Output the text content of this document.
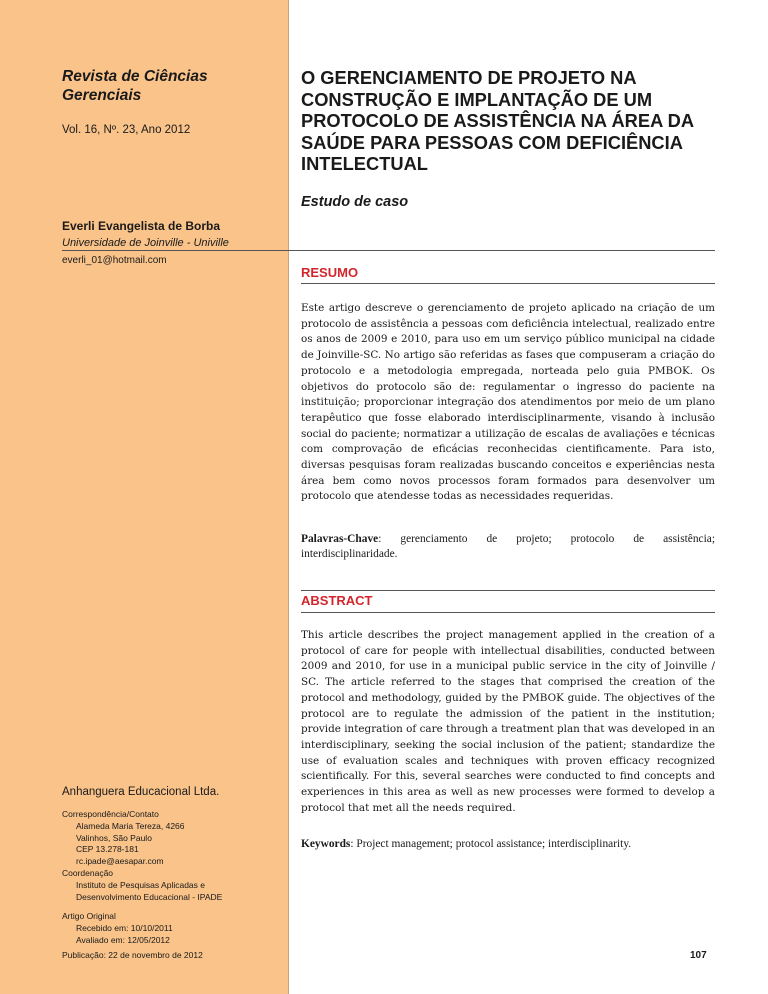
Revista de Ciências Gerenciais
Vol. 16, Nº. 23, Ano 2012
O GERENCIAMENTO DE PROJETO NA CONSTRUÇÃO E IMPLANTAÇÃO DE UM PROTOCOLO DE ASSISTÊNCIA NA ÁREA DA SAÚDE PARA PESSOAS COM DEFICIÊNCIA INTELECTUAL
Estudo de caso
Everli Evangelista de Borba
Universidade de Joinville - Univille
everli_01@hotmail.com
RESUMO
Este artigo descreve o gerenciamento de projeto aplicado na criação de um protocolo de assistência a pessoas com deficiência intelectual, realizado entre os anos de 2009 e 2010, para uso em um serviço público municipal na cidade de Joinville-SC. No artigo são referidas as fases que compuseram a criação do protocolo e a metodologia empregada, norteada pelo guia PMBOK. Os objetivos do protocolo são de: regulamentar o ingresso do paciente na instituição; proporcionar integração dos atendimentos por meio de um plano terapêutico que fosse elaborado interdisciplinarmente, visando à inclusão social do paciente; normatizar a utilização de escalas de avaliações e técnicas com comprovação de eficácias reconhecidas cientificamente. Para isto, diversas pesquisas foram realizadas buscando conceitos e experiências nesta área bem como novos processos foram formados para desenvolver um protocolo que atendesse todas as necessidades requeridas.
Palavras-Chave: gerenciamento de projeto; protocolo de assistência; interdisciplinaridade.
ABSTRACT
This article describes the project management applied in the creation of a protocol of care for people with intellectual disabilities, conducted between 2009 and 2010, for use in a municipal public service in the city of Joinville / SC. The article referred to the stages that comprised the creation of the protocol and methodology, guided by the PMBOK guide. The objectives of the protocol are to regulate the admission of the patient in the institution; provide integration of care through a treatment plan that was developed in an interdisciplinary, seeking the social inclusion of the patient; standardize the use of evaluation scales and techniques with proven efficacy recognized scientifically. For this, several searches were conducted to find concepts and experiences in this area as well as new processes were formed to develop a protocol that met all the needs required.
Keywords: Project management; protocol assistance; interdisciplinarity.
Anhanguera Educacional Ltda.
Correspondência/Contato
Alameda Maria Tereza, 4266
Valinhos, São Paulo
CEP 13.278-181
rc.ipade@aesapar.com
Coordenação
Instituto de Pesquisas Aplicadas e
Desenvolvimento Educacional - IPADE
Artigo Original
Recebido em: 10/10/2011
Avaliado em: 12/05/2012
Publicação: 22 de novembro de 2012	107
